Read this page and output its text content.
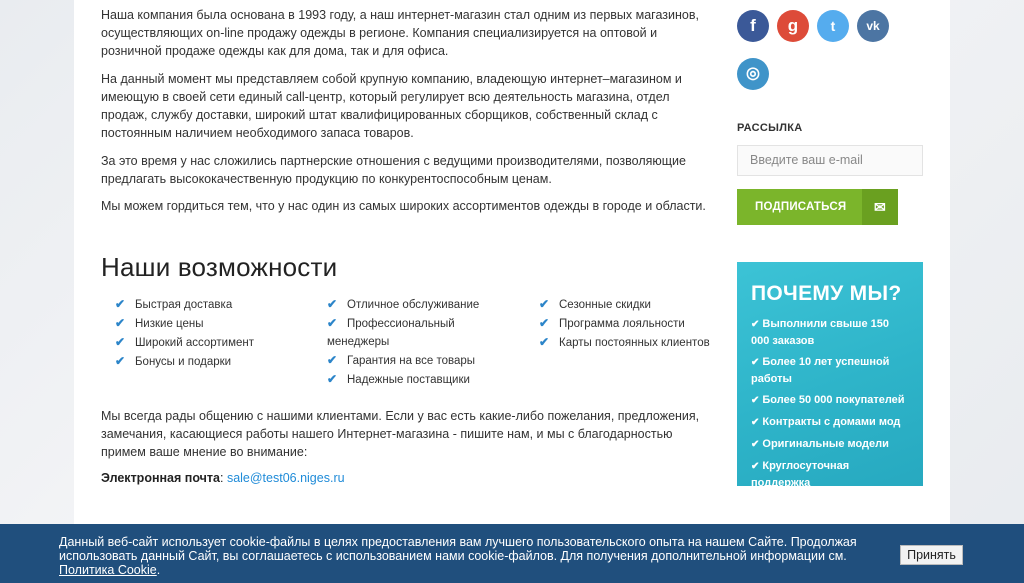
Наша компания была основана в 1993 году, а наш интернет-магазин стал одним из первых магазинов, осуществляющих on-line продажу одежды в регионе. Компания специализируется на оптовой и розничной продаже одежды как для дома, так и для офиса.

На данный момент мы представляем собой крупную компанию, владеющую интернет–магазином и имеющую в своей сети единый call-центр, который регулирует всю деятельность магазина, отдел продаж, службу доставки, широкий штат квалифицированных сборщиков, собственный склад с постоянным наличием необходимого запаса товаров.

За это время у нас сложились партнерские отношения с ведущими производителями, позволяющие предлагать высококачественную продукцию по конкурентоспособным ценам.

Мы можем гордиться тем, что у нас один из самых широких ассортиментов одежды в городе и области.

Наши возможности
✔ Быстрая доставка
✔ Низкие цены
✔ Широкий ассортимент
✔ Бонусы и подарки
✔ Отличное обслуживание
✔ Профессиональный менеджеры
✔ Гарантия на все товары
✔ Надежные поставщики
✔ Сезонные скидки
✔ Программа лояльности
✔ Карты постоянных клиентов

Мы всегда рады общению с нашими клиентами. Если у вас есть какие-либо пожелания, предложения, замечания, касающиеся работы нашего Интернет-магазина - пишите нам, и мы с благодарностью примем ваше мнение во внимание:

Электронная почта: sale@test06.niges.ru
f	g	t	vk
◎
РАССЫЛКА
Введите ваш e-mail
ПОДПИСАТЬСЯ	✉
ПОЧЕМУ МЫ?
✔ Выполнили свыше 150 000 заказов
✔ Более 10 лет успешной работы
✔ Более 50 000 покупателей
✔ Контракты с домами мод
✔ Оригинальные модели
✔ Круглосуточная поддержка
Данный веб-сайт использует cookie-файлы в целях предоставления вам лучшего пользовательского опыта на нашем Сайте. Продолжая использовать данный Сайт, вы соглашаетесь с использованием нами cookie-файлов. Для получения дополнительной информации см. Политика Cookie.
Принять
